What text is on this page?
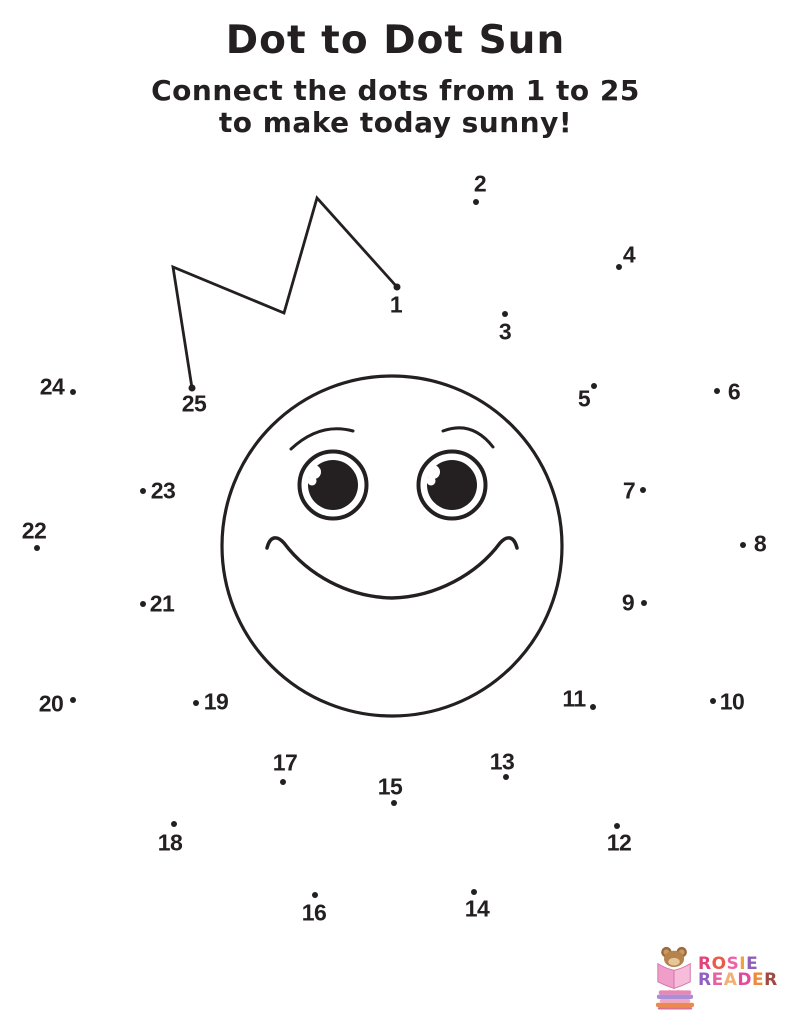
Dot to Dot Sun
Connect the dots from 1 to 25
to make today sunny!
1
2
3
4
5	6
7
8
9
10
11
12
13
14
15
16
17
18
19
20
21
22
23
24
25
ROSIE
READER
